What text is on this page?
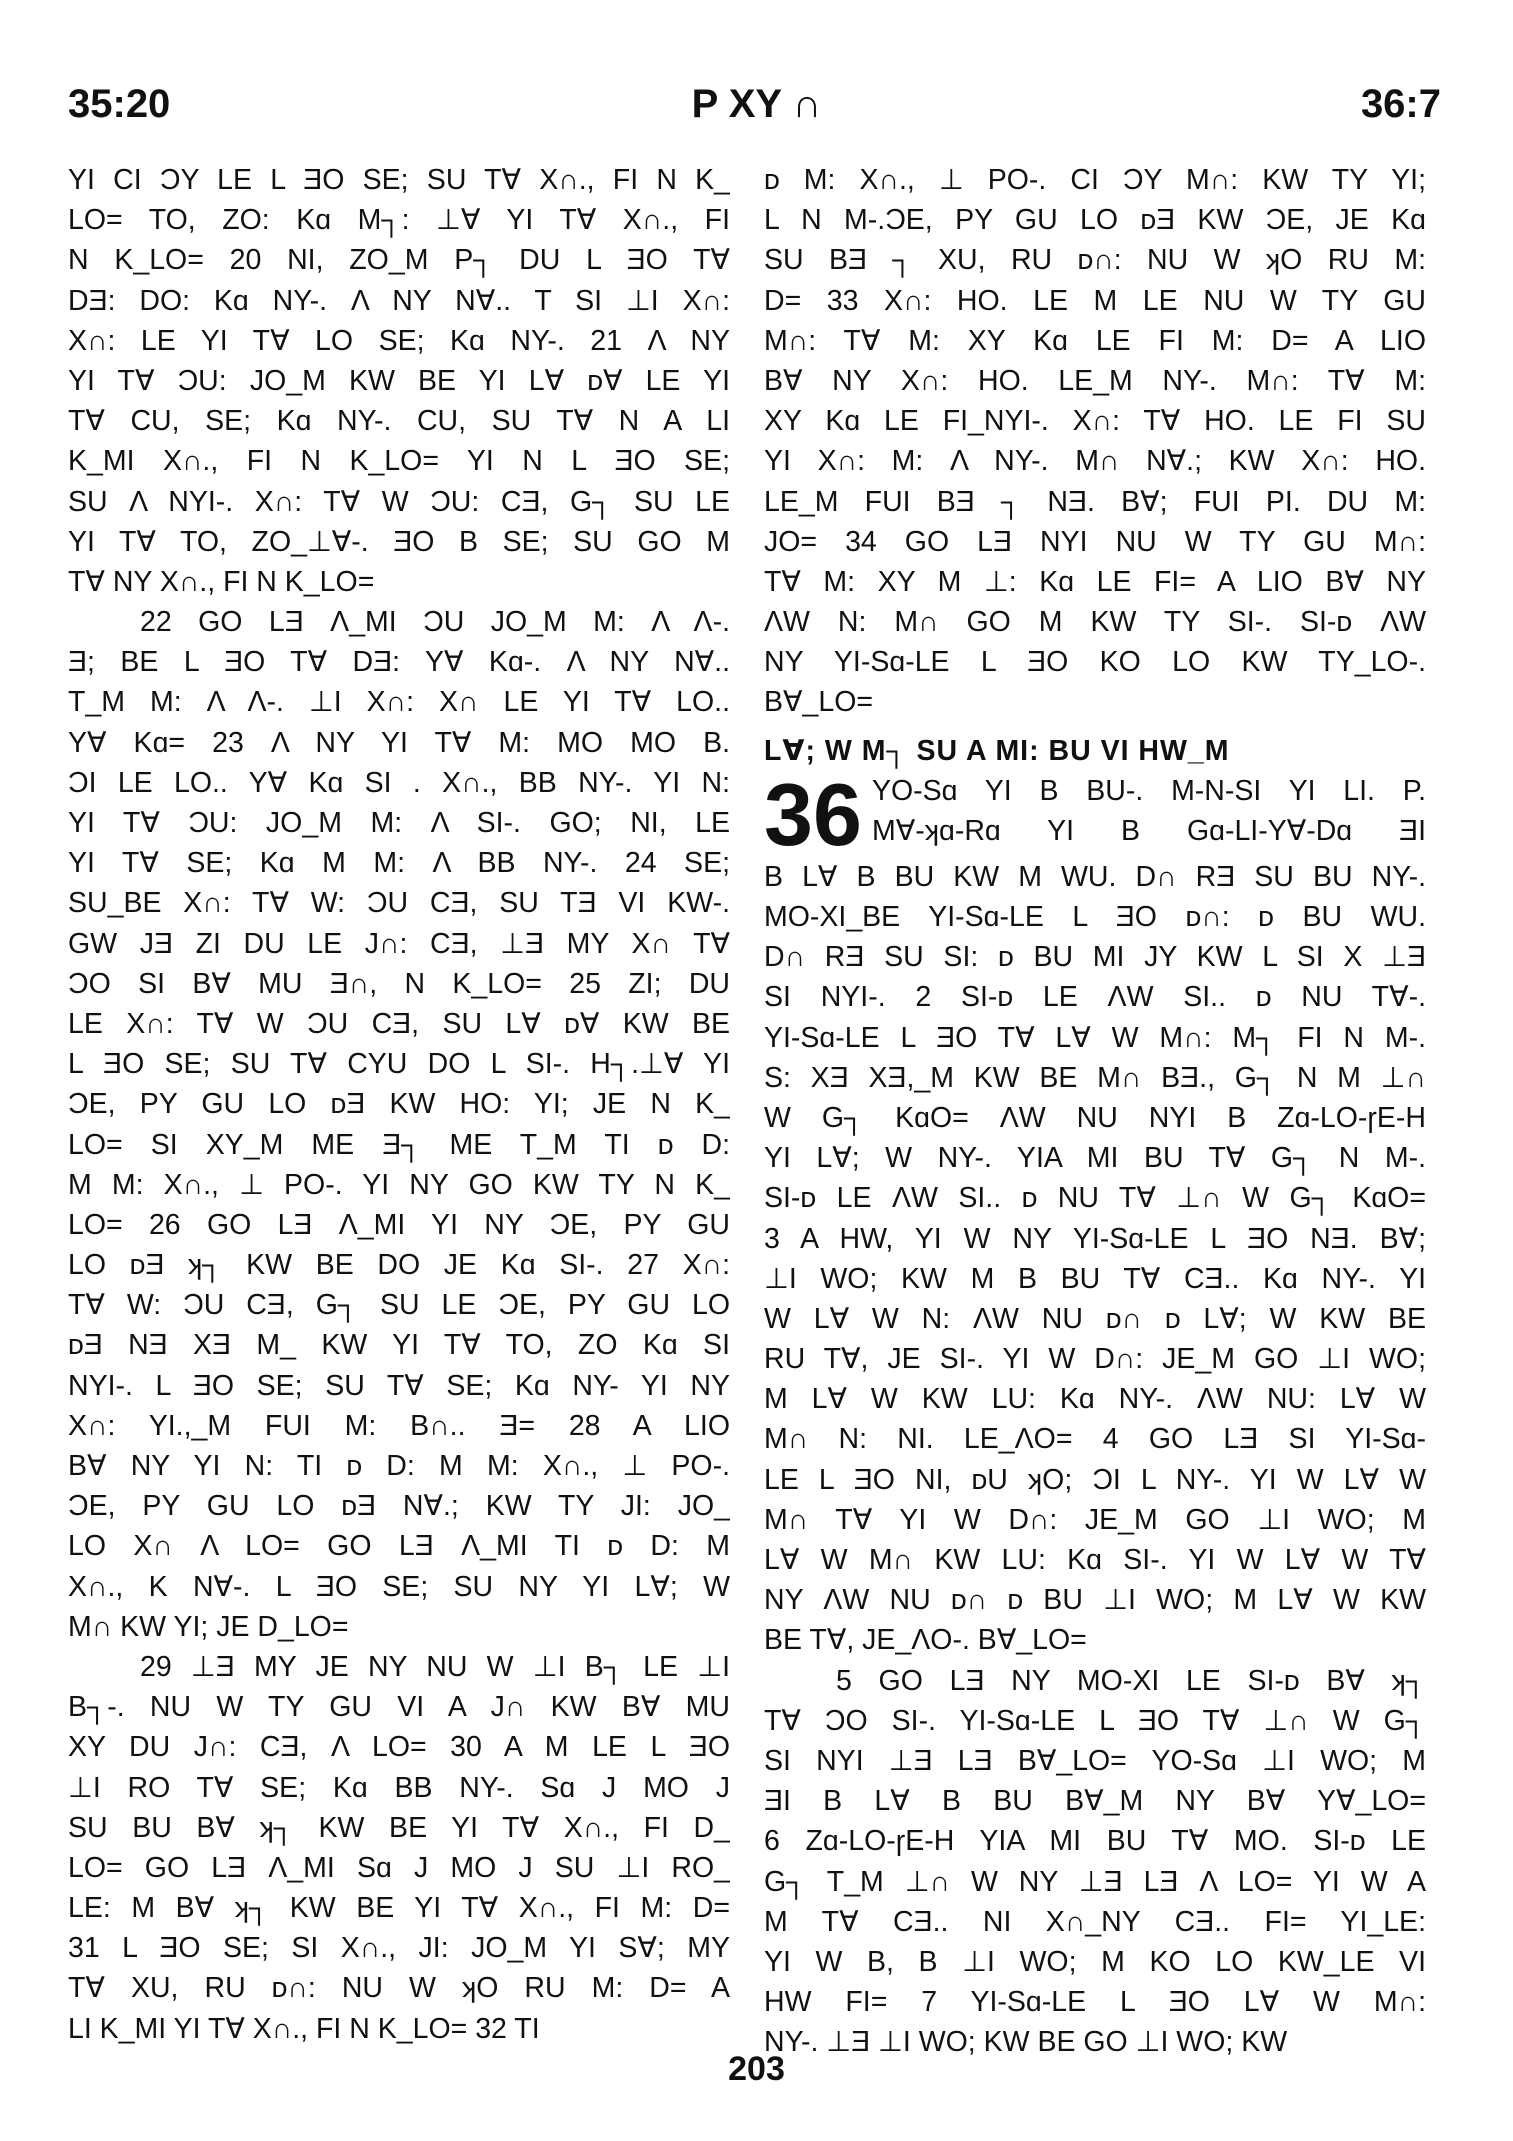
35:20	P XY ∩	36:7
YI CI ƆY LE L ƎO SE; SU T∀ X∩., FI N K_
LO= TO, ZO: Kɑ M┐: ⊥∀ YI T∀ X∩., FI
N K_LO= 20 NI, ZO_M P┐ DU L ƎO T∀
DƎ: DO: Kɑ NY-. Λ NY N∀.. T SI ⊥I X∩:
X∩: LE YI T∀ LO SE; Kɑ NY-. 21 Λ NY
YI T∀ ƆU: JO_M KW BE YI L∀ ᴅ∀ LE YI
T∀ CU, SE; Kɑ NY-. CU, SU T∀ N A LI
K_MI X∩., FI N K_LO= YI N L ƎO SE;
SU Λ NYI-. X∩: T∀ W ƆU: CƎ, G┐ SU LE
YI T∀ TO, ZO_⊥∀-. ƎO В SE; SU GO M
T∀ NY X∩., FI N K_LO=
22 GO LƎ Λ_MI ƆU JO_M M: Λ Λ-.
Ǝ; BE L ƎO T∀ DƎ: Y∀ Kɑ-. Λ NY N∀..
T_M M: Λ Λ-. ⊥I X∩: X∩ LE YI T∀ LO..
Y∀ Kɑ= 23 Λ NY YI T∀ M: MO MO B.
ƆI LE LO.. Y∀ Kɑ SI . X∩., BВ NY-. YI N:
YI T∀ ƆU: JO_M M: Λ SI-. GO; NI, LE
YI T∀ SE; Kɑ M M: Λ BВ NY-. 24 SE;
SU_BE X∩: T∀ W: ƆU CƎ, SU TƎ VI KW-.
GW JƎ ZI DU LE J∩: CƎ, ⊥Ǝ MY X∩ T∀
ƆO SI B∀ MU Ǝ∩, N K_LO= 25 ZI; DU
LE X∩: T∀ W ƆU CƎ, SU L∀ ᴅ∀ KW BE
L ƎO SE; SU T∀ CYU DO L SI-. H┐.⊥∀ YI
ƆE, PY GU LO ᴅƎ KW HO: YI; JE N K_
LO= SI XY_M ME Ǝ┐ ME T_M TI ᴅ D:
M M: X∩., ⊥ PO-. YI NY GO KW TY N K_
LO= 26 GO LƎ Λ_MI YI NY ƆE, PY GU
LO ᴅƎ ʞ┐ KW BE DO JE Kɑ SI-. 27 X∩:
T∀ W: ƆU CƎ, G┐ SU LE ƆE, PY GU LO
ᴅƎ NƎ XƎ M_ KW YI T∀ TO, ZO Kɑ SI
NYI-. L ƎO SE; SU T∀ SE; Kɑ NY- YI NY
X∩: YI.,_M FUI M: B∩.. Ǝ= 28 A LIO
B∀ NY YI N: TI ᴅ D: M M: X∩., ⊥ PO-.
ƆE, PY GU LO ᴅƎ N∀.; KW TY JI: JO_
LO X∩ Λ LO= GO LƎ Λ_MI TI ᴅ D: M
X∩., K N∀-. L ƎO SE; SU NY YI L∀; W
M∩ KW YI; JE D_LO=
29 ⊥Ǝ MY JE NY NU W ⊥I В┐ LE ⊥I
В┐-. NU W TY GU VI A J∩ KW B∀ MU
XY DU J∩: CƎ, Λ LO= 30 A M LE L ƎO
⊥I RO T∀ SE; Kɑ BВ NY-. Sɑ J MO J
SU BU B∀ ʞ┐ KW BE YI T∀ X∩., FI D_
LO= GO LƎ Λ_MI Sɑ J MO J SU ⊥I RO_
LE: M B∀ ʞ┐ KW BE YI T∀ X∩., FI M: D=
31 L ƎO SE; SI X∩., JI: JO_M YI S∀; MY
T∀ XU, RU ᴅ∩: NU W ʞO RU M: D= A
LI K_MI YI T∀ X∩., FI N K_LO= 32 TI
ᴅ M: X∩., ⊥ PO-. CI ƆY M∩: KW TY YI;
L N M-.ƆE, PY GU LO ᴅƎ KW ƆE, JE Kɑ
SU BƎ ┐ XU, RU ᴅ∩: NU W ʞO RU M:
D= 33 X∩: HO. LE M LE NU W TY GU
M∩: T∀ M: XY Kɑ LE FI M: D= A LIO
B∀ NY X∩: HO. LE_M NY-. M∩: T∀ M:
XY Kɑ LE FI_NYI-. X∩: T∀ HO. LE FI SU
YI X∩: M: Λ NY-. M∩ N∀.; KW X∩: HO.
LE_M FUI BƎ ┐ NƎ. B∀; FUI PI. DU M:
JO= 34 GO LƎ NYI NU W TY GU M∩:
T∀ M: XY M ⊥: Kɑ LE FI= A LIO B∀ NY
ΛW N: M∩ GO M KW TY SI-. SI-ᴅ ΛW
NY YI-Sɑ-LE L ƎO KO LO KW TY_LO-.
B∀_LO=
L∀; W M┐ SU A MI: BU VI HW_M
36 YO-Sɑ YI В BU-. M-N-SI YI LI. P.
M∀-ʞɑ-Rɑ YI В Gɑ-LI-Y∀-Dɑ ƎI
В L∀ В BU KW M WU. D∩ RƎ SU BU NY-.
MO-XI_BE YI-Sɑ-LE L ƎO ᴅ∩: ᴅ BU WU.
D∩ RƎ SU SI: ᴅ BU MI JY KW L SI X ⊥Ǝ
SI NYI-. 2 SI-ᴅ LE ΛW SI.. ᴅ NU T∀-.
YI-Sɑ-LE L ƎO T∀ L∀ W M∩: M┐ FI N M-.
S: XƎ XƎ,_M KW BE M∩ BƎ., G┐ N M ⊥∩
W G┐ KɑO= ΛW NU NYI В Zɑ-LO-ɼE-H
YI L∀; W NY-. YIA MI BU T∀ G┐ N M-.
SI-ᴅ LE ΛW SI.. ᴅ NU T∀ ⊥∩ W G┐ KɑO=
3 A HW, YI W NY YI-Sɑ-LE L ƎO NƎ. B∀;
⊥I WO; KW M В BU T∀ CƎ.. Kɑ NY-. YI
W L∀ W N: ΛW NU ᴅ∩ ᴅ L∀; W KW BE
RU T∀, JE SI-. YI W D∩: JE_M GO ⊥I WO;
M L∀ W KW LU: Kɑ NY-. ΛW NU: L∀ W
M∩ N: NI. LE_ΛO= 4 GO LƎ SI YI-Sɑ-
LE L ƎO NI, ᴅU ʞO; ƆI L NY-. YI W L∀ W
M∩ T∀ YI W D∩: JE_M GO ⊥I WO; M
L∀ W M∩ KW LU: Kɑ SI-. YI W L∀ W T∀
NY ΛW NU ᴅ∩ ᴅ BU ⊥I WO; M L∀ W KW
BE T∀, JE_ΛO-. B∀_LO=
5 GO LƎ NY MO-XI LE SI-ᴅ B∀ ʞ┐
T∀ ƆO SI-. YI-Sɑ-LE L ƎO T∀ ⊥∩ W G┐
SI NYI ⊥Ǝ LƎ B∀_LO= YO-Sɑ ⊥I WO; M
ƎI В L∀ В BU B∀_M NY B∀ Y∀_LO=
6 Zɑ-LO-ɼE-H YIA MI BU T∀ MO. SI-ᴅ LE
G┐ T_M ⊥∩ W NY ⊥Ǝ LƎ Λ LO= YI W A
M T∀ CƎ.. NI X∩_NY CƎ.. FI= YI_LE:
YI W B, B ⊥I WO; M KO LO KW_LE VI
HW FI= 7 YI-Sɑ-LE L ƎO L∀ W M∩:
NY-. ⊥Ǝ ⊥I WO; KW BE GO ⊥I WO; KW
203
